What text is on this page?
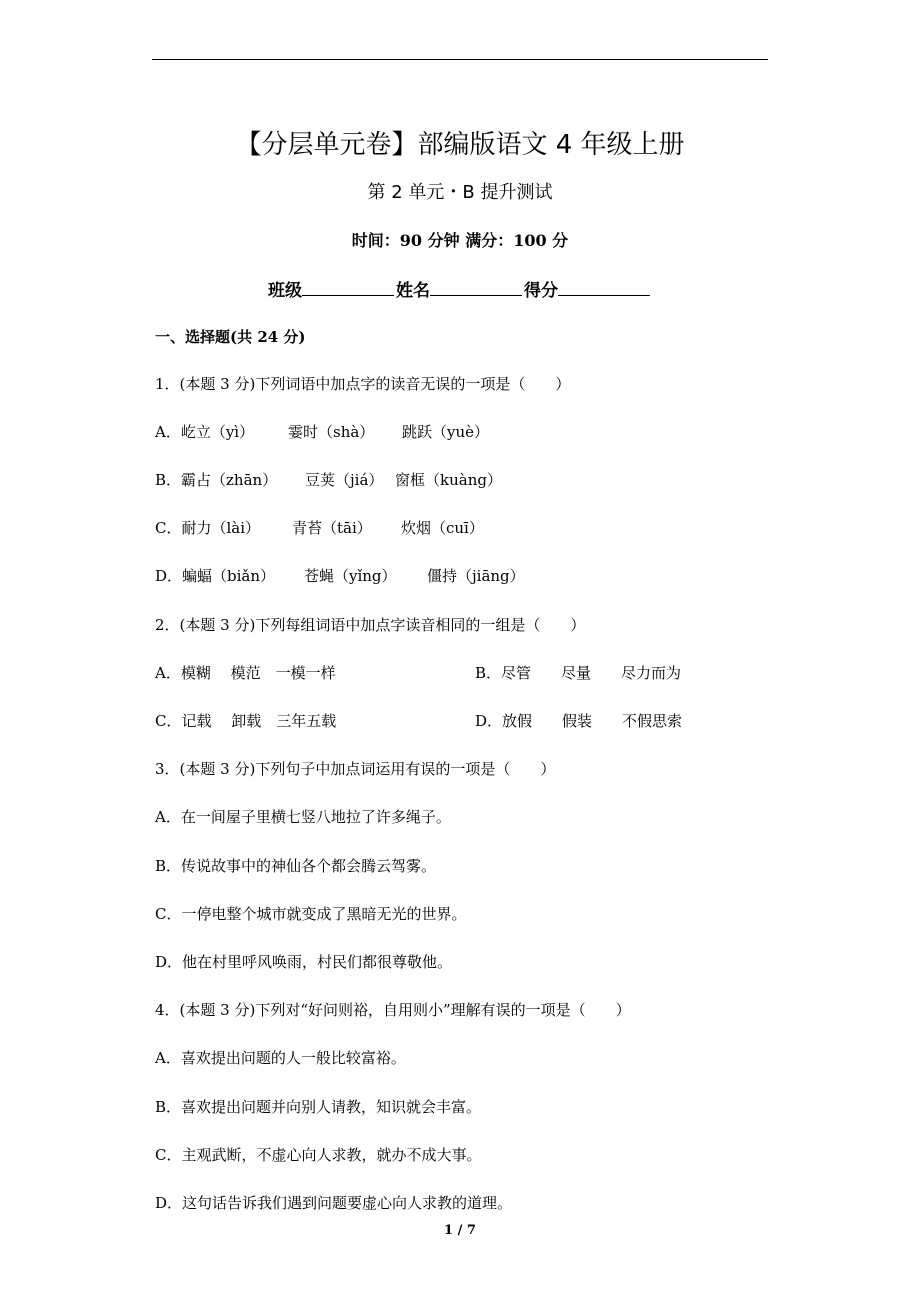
【分层单元卷】部编版语文 4 年级上册
第 2 单元・B 提升测试
时间：90 分钟 满分：100 分
班级	姓名	得分
一、选择题(共 24 分)
1．(本题 3 分)下列词语中加点字的读音无误的一项是（　　）
A．屹立（yì） 霎时（shà） 跳跃（yuè）
B．霸占（zhān） 豆荚（jiá） 窗框（kuàng）
C．耐力（lài） 青苔（tāi） 炊烟（cuī）
D．蝙蝠（biǎn） 苍蝇（yǐng） 僵持（jiāng）
2．(本题 3 分)下列每组词语中加点字读音相同的一组是（　　）
A．模糊　 模范　一模一样	B．尽管　　尽量　　尽力而为
C．记载　 卸载　三年五载	D．放假　　假装　　不假思索
3．(本题 3 分)下列句子中加点词运用有误的一项是（　　）
A．在一间屋子里横七竖八地拉了许多绳子。
B．传说故事中的神仙各个都会腾云驾雾。
C．一停电整个城市就变成了黑暗无光的世界。
D．他在村里呼风唤雨，村民们都很尊敬他。
4．(本题 3 分)下列对“好问则裕，自用则小”理解有误的一项是（　　）
A．喜欢提出问题的人一般比较富裕。
B．喜欢提出问题并向别人请教，知识就会丰富。
C．主观武断，不虚心向人求教，就办不成大事。
D．这句话告诉我们遇到问题要虚心向人求教的道理。
1 / 7
